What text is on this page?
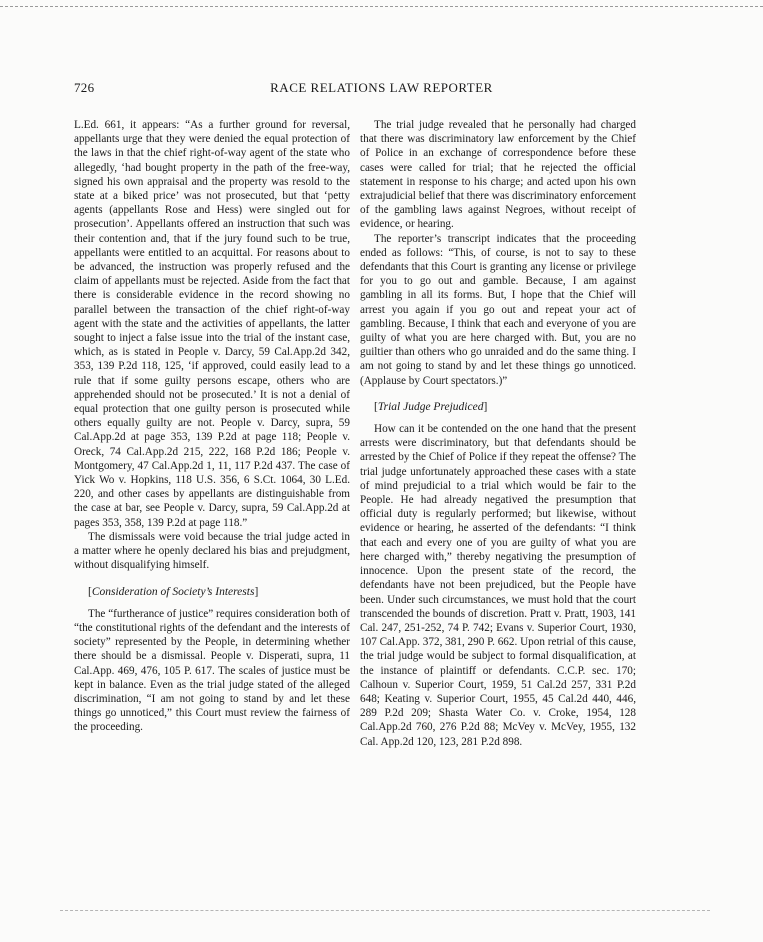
726	RACE RELATIONS LAW REPORTER

L.Ed. 661, it appears: “As a further ground for reversal, appellants urge that they were denied the equal protection of the laws in that the chief right-of-way agent of the state who allegedly, ‘had bought property in the path of the free-way, signed his own appraisal and the property was resold to the state at a biked price’ was not prosecuted, but that ‘petty agents (appellants Rose and Hess) were singled out for prosecution’. Appellants offered an instruction that such was their contention and, that if the jury found such to be true, appellants were entitled to an acquittal. For reasons about to be advanced, the instruction was properly refused and the claim of appellants must be rejected. Aside from the fact that there is considerable evidence in the record showing no parallel between the transaction of the chief right-of-way agent with the state and the activities of appellants, the latter sought to inject a false issue into the trial of the instant case, which, as is stated in People v. Darcy, 59 Cal.App.2d 342, 353, 139 P.2d 118, 125, ‘if approved, could easily lead to a rule that if some guilty persons escape, others who are apprehended should not be prosecuted.’ It is not a denial of equal protection that one guilty person is prosecuted while others equally guilty are not. People v. Darcy, supra, 59 Cal.App.2d at page 353, 139 P.2d at page 118; People v. Oreck, 74 Cal.App.2d 215, 222, 168 P.2d 186; People v. Montgomery, 47 Cal.App.2d 1, 11, 117 P.2d 437. The case of Yick Wo v. Hopkins, 118 U.S. 356, 6 S.Ct. 1064, 30 L.Ed. 220, and other cases by appellants are distinguishable from the case at bar, see People v. Darcy, supra, 59 Cal.App.2d at pages 353, 358, 139 P.2d at page 118.”

The dismissals were void because the trial judge acted in a matter where he openly declared his bias and prejudgment, without disqualifying himself.

[Consideration of Society’s Interests]

The “furtherance of justice” requires consideration both of “the constitutional rights of the defendant and the interests of society” represented by the People, in determining whether there should be a dismissal. People v. Disperati, supra, 11 Cal.App. 469, 476, 105 P. 617. The scales of justice must be kept in balance. Even as the trial judge stated of the alleged discrimination, “I am not going to stand by and let these things go unnoticed,” this Court must review the fairness of the proceeding.

The trial judge revealed that he personally had charged that there was discriminatory law enforcement by the Chief of Police in an exchange of correspondence before these cases were called for trial; that he rejected the official statement in response to his charge; and acted upon his own extrajudicial belief that there was discriminatory enforcement of the gambling laws against Negroes, without receipt of evidence, or hearing.

The reporter’s transcript indicates that the proceeding ended as follows: “This, of course, is not to say to these defendants that this Court is granting any license or privilege for you to go out and gamble. Because, I am against gambling in all its forms. But, I hope that the Chief will arrest you again if you go out and repeat your act of gambling. Because, I think that each and everyone of you are guilty of what you are here charged with. But, you are no guiltier than others who go unraided and do the same thing. I am not going to stand by and let these things go unnoticed. (Applause by Court spectators.)”

[Trial Judge Prejudiced]

How can it be contended on the one hand that the present arrests were discriminatory, but that defendants should be arrested by the Chief of Police if they repeat the offense? The trial judge unfortunately approached these cases with a state of mind prejudicial to a trial which would be fair to the People. He had already negatived the presumption that official duty is regularly performed; but likewise, without evidence or hearing, he asserted of the defendants: “I think that each and every one of you are guilty of what you are here charged with,” thereby negativing the presumption of innocence. Upon the present state of the record, the defendants have not been prejudiced, but the People have been. Under such circumstances, we must hold that the court transcended the bounds of discretion. Pratt v. Pratt, 1903, 141 Cal. 247, 251-252, 74 P. 742; Evans v. Superior Court, 1930, 107 Cal.App. 372, 381, 290 P. 662. Upon retrial of this cause, the trial judge would be subject to formal disqualification, at the instance of plaintiff or defendants. C.C.P. sec. 170; Calhoun v. Superior Court, 1959, 51 Cal.2d 257, 331 P.2d 648; Keating v. Superior Court, 1955, 45 Cal.2d 440, 446, 289 P.2d 209; Shasta Water Co. v. Croke, 1954, 128 Cal.App.2d 760, 276 P.2d 88; McVey v. McVey, 1955, 132 Cal. App.2d 120, 123, 281 P.2d 898.
